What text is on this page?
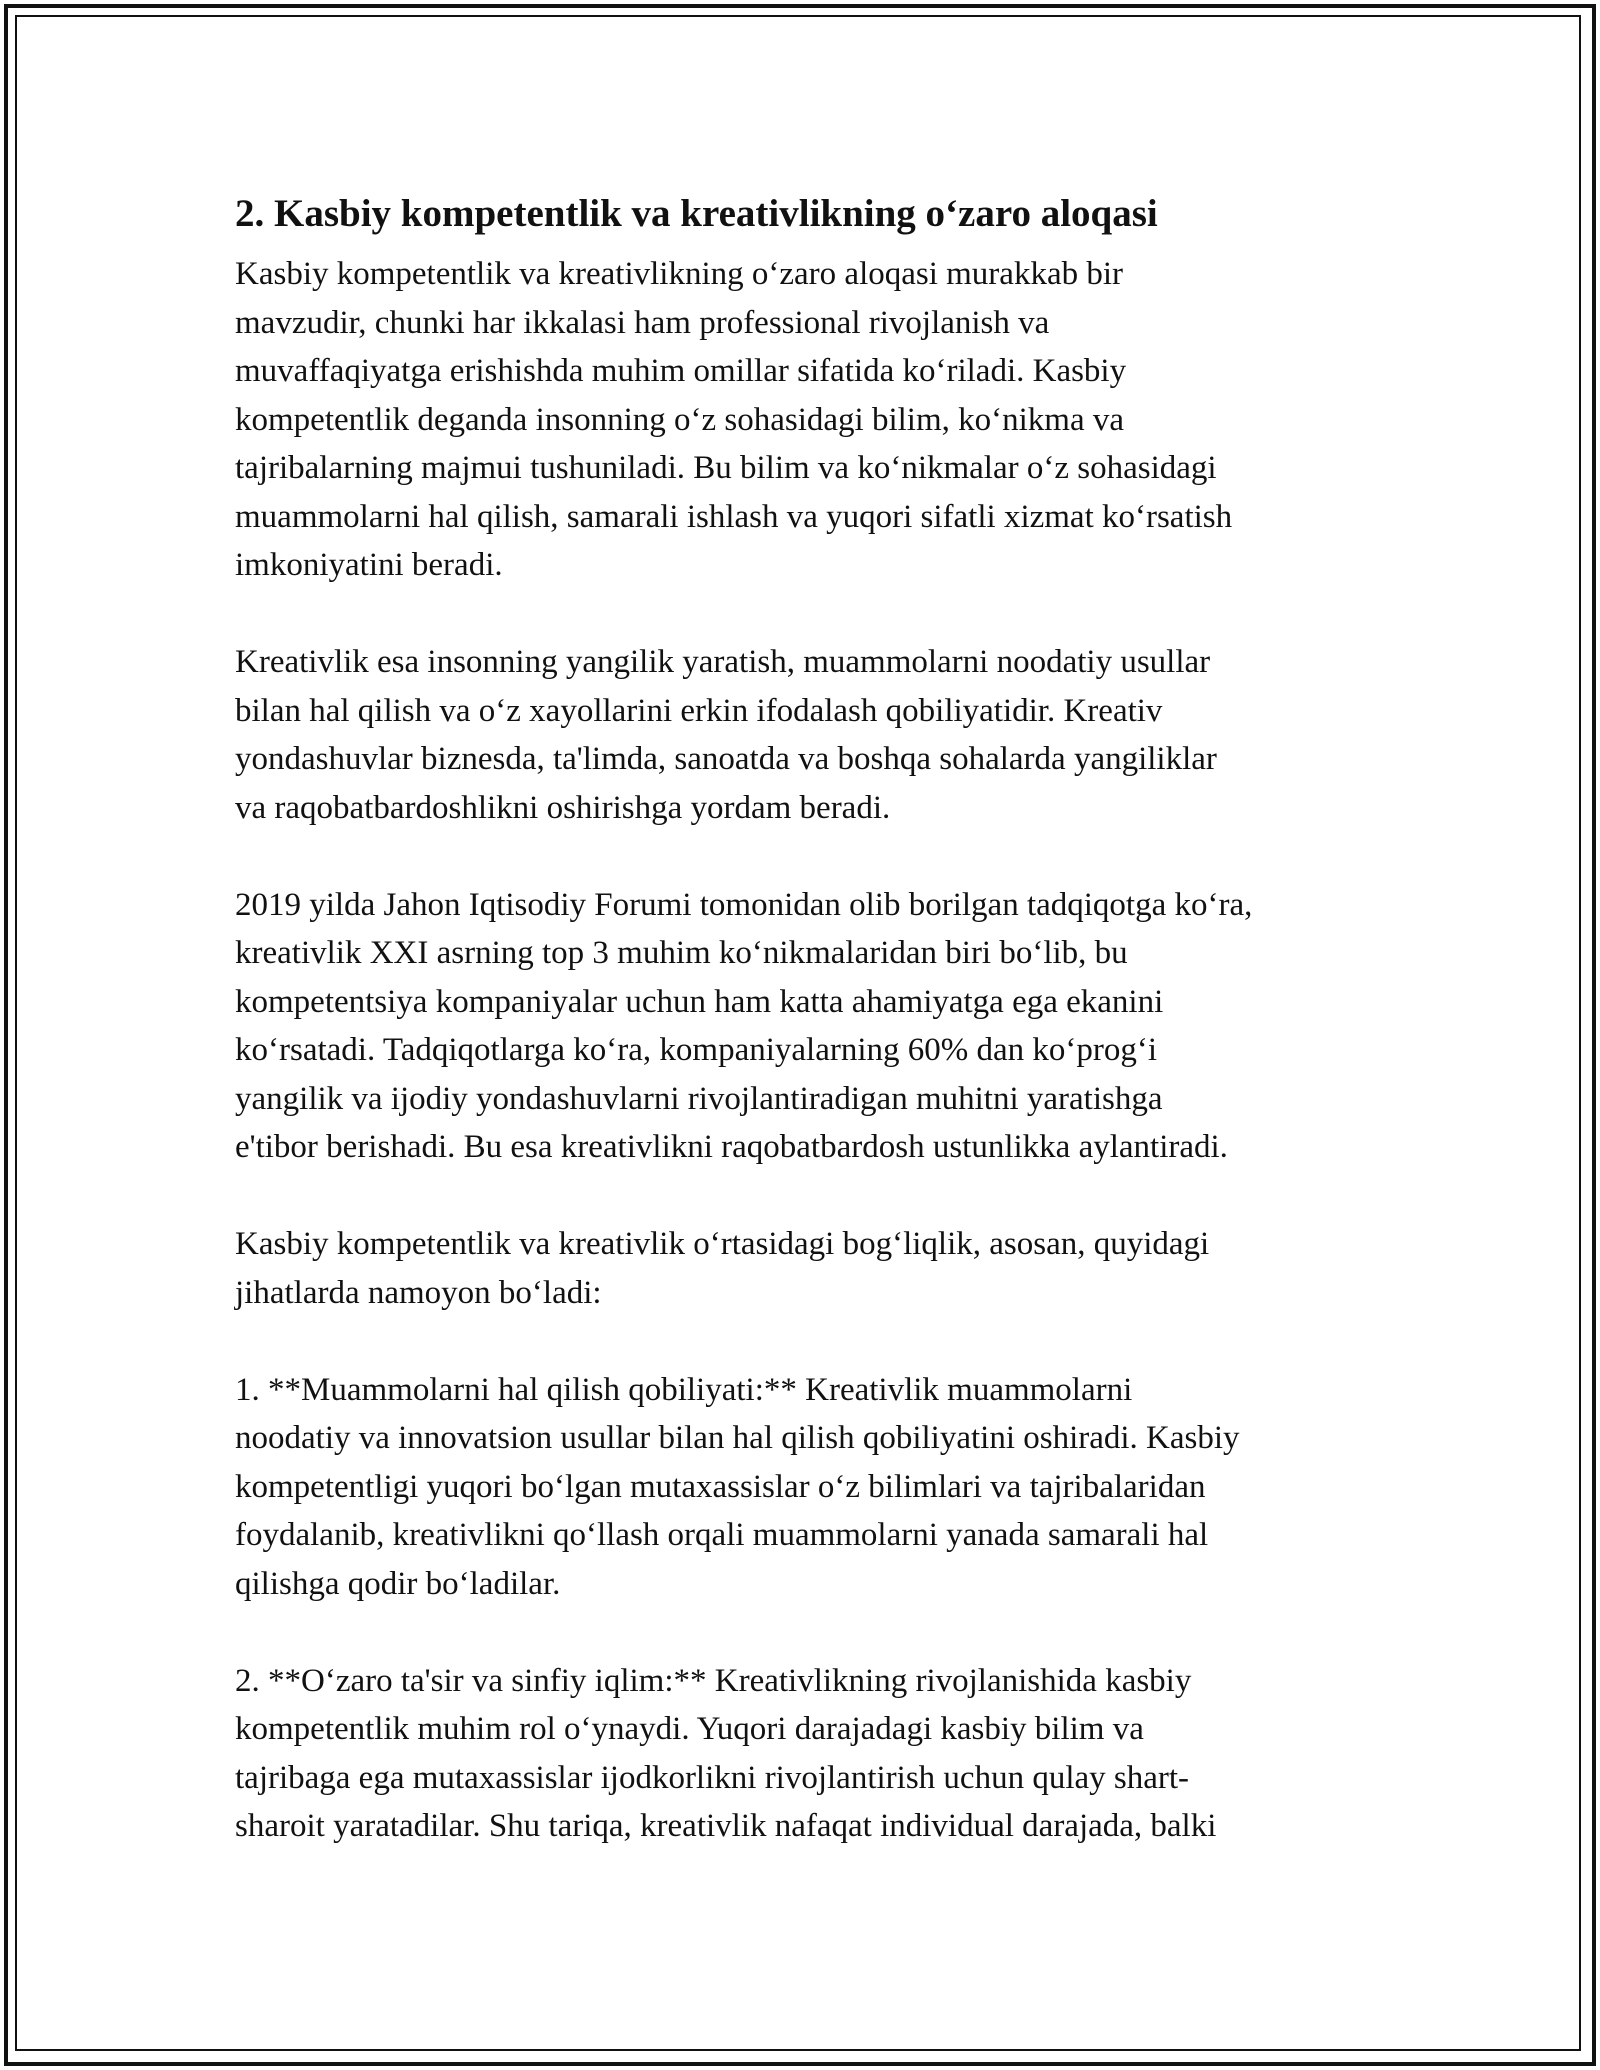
2. Kasbiy kompetentlik va kreativlikning o‘zaro aloqasi
Kasbiy kompetentlik va kreativlikning o‘zaro aloqasi murakkab bir
mavzudir, chunki har ikkalasi ham professional rivojlanish va
muvaffaqiyatga erishishda muhim omillar sifatida ko‘riladi. Kasbiy
kompetentlik deganda insonning o‘z sohasidagi bilim, ko‘nikma va
tajribalarning majmui tushuniladi. Bu bilim va ko‘nikmalar o‘z sohasidagi
muammolarni hal qilish, samarali ishlash va yuqori sifatli xizmat ko‘rsatish
imkoniyatini beradi.
Kreativlik esa insonning yangilik yaratish, muammolarni noodatiy usullar
bilan hal qilish va o‘z xayollarini erkin ifodalash qobiliyatidir. Kreativ
yondashuvlar biznesda, ta'limda, sanoatda va boshqa sohalarda yangiliklar
va raqobatbardoshlikni oshirishga yordam beradi.
2019 yilda Jahon Iqtisodiy Forumi tomonidan olib borilgan tadqiqotga ko‘ra,
kreativlik XXI asrning top 3 muhim ko‘nikmalaridan biri bo‘lib, bu
kompetentsiya kompaniyalar uchun ham katta ahamiyatga ega ekanini
ko‘rsatadi. Tadqiqotlarga ko‘ra, kompaniyalarning 60% dan ko‘prog‘i
yangilik va ijodiy yondashuvlarni rivojlantiradigan muhitni yaratishga
e'tibor berishadi. Bu esa kreativlikni raqobatbardosh ustunlikka aylantiradi.
Kasbiy kompetentlik va kreativlik o‘rtasidagi bog‘liqlik, asosan, quyidagi
jihatlarda namoyon bo‘ladi:
1. **Muammolarni hal qilish qobiliyati:** Kreativlik muammolarni
noodatiy va innovatsion usullar bilan hal qilish qobiliyatini oshiradi. Kasbiy
kompetentligi yuqori bo‘lgan mutaxassislar o‘z bilimlari va tajribalaridan
foydalanib, kreativlikni qo‘llash orqali muammolarni yanada samarali hal
qilishga qodir bo‘ladilar.
2. **O‘zaro ta'sir va sinfiy iqlim:** Kreativlikning rivojlanishida kasbiy
kompetentlik muhim rol o‘ynaydi. Yuqori darajadagi kasbiy bilim va
tajribaga ega mutaxassislar ijodkorlikni rivojlantirish uchun qulay shart-
sharoit yaratadilar. Shu tariqa, kreativlik nafaqat individual darajada, balki
